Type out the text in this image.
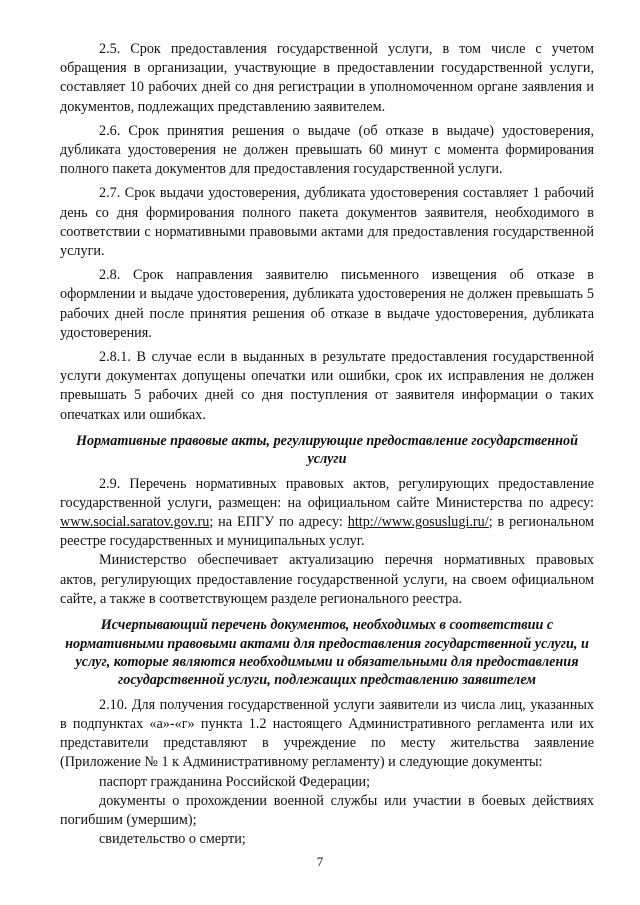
2.5. Срок предоставления государственной услуги, в том числе с учетом обращения в организации, участвующие в предоставлении государственной услуги, составляет 10 рабочих дней со дня регистрации в уполномоченном органе заявления и документов, подлежащих представлению заявителем.

2.6. Срок принятия решения о выдаче (об отказе в выдаче) удостоверения, дубликата удостоверения не должен превышать 60 минут с момента формирования полного пакета документов для предоставления государственной услуги.

2.7. Срок выдачи удостоверения, дубликата удостоверения составляет 1 рабочий день со дня формирования полного пакета документов заявителя, необходимого в соответствии с нормативными правовыми актами для предоставления государственной услуги.

2.8. Срок направления заявителю письменного извещения об отказе в оформлении и выдаче удостоверения, дубликата удостоверения не должен превышать 5 рабочих дней после принятия решения об отказе в выдаче удостоверения, дубликата удостоверения.

2.8.1. В случае если в выданных в результате предоставления государственной услуги документах допущены опечатки или ошибки, срок их исправления не должен превышать 5 рабочих дней со дня поступления от заявителя информации о таких опечатках или ошибках.

Нормативные правовые акты, регулирующие предоставление государственной услуги

2.9. Перечень нормативных правовых актов, регулирующих предоставление государственной услуги, размещен: на официальном сайте Министерства по адресу: www.social.saratov.gov.ru; на ЕПГУ по адресу: http://www.gosuslugi.ru/; в региональном реестре государственных и муниципальных услуг.

Министерство обеспечивает актуализацию перечня нормативных правовых актов, регулирующих предоставление государственной услуги, на своем официальном сайте, а также в соответствующем разделе регионального реестра.

Исчерпывающий перечень документов, необходимых в соответствии с нормативными правовыми актами для предоставления государственной услуги, и услуг, которые являются необходимыми и обязательными для предоставления государственной услуги, подлежащих представлению заявителем

2.10. Для получения государственной услуги заявители из числа лиц, указанных в подпунктах «а»-«г» пункта 1.2 настоящего Административного регламента или их представители представляют в учреждение по месту жительства заявление (Приложение № 1 к Административному регламенту) и следующие документы:

паспорт гражданина Российской Федерации;

документы о прохождении военной службы или участии в боевых действиях погибшим (умершим);

свидетельство о смерти;

7
